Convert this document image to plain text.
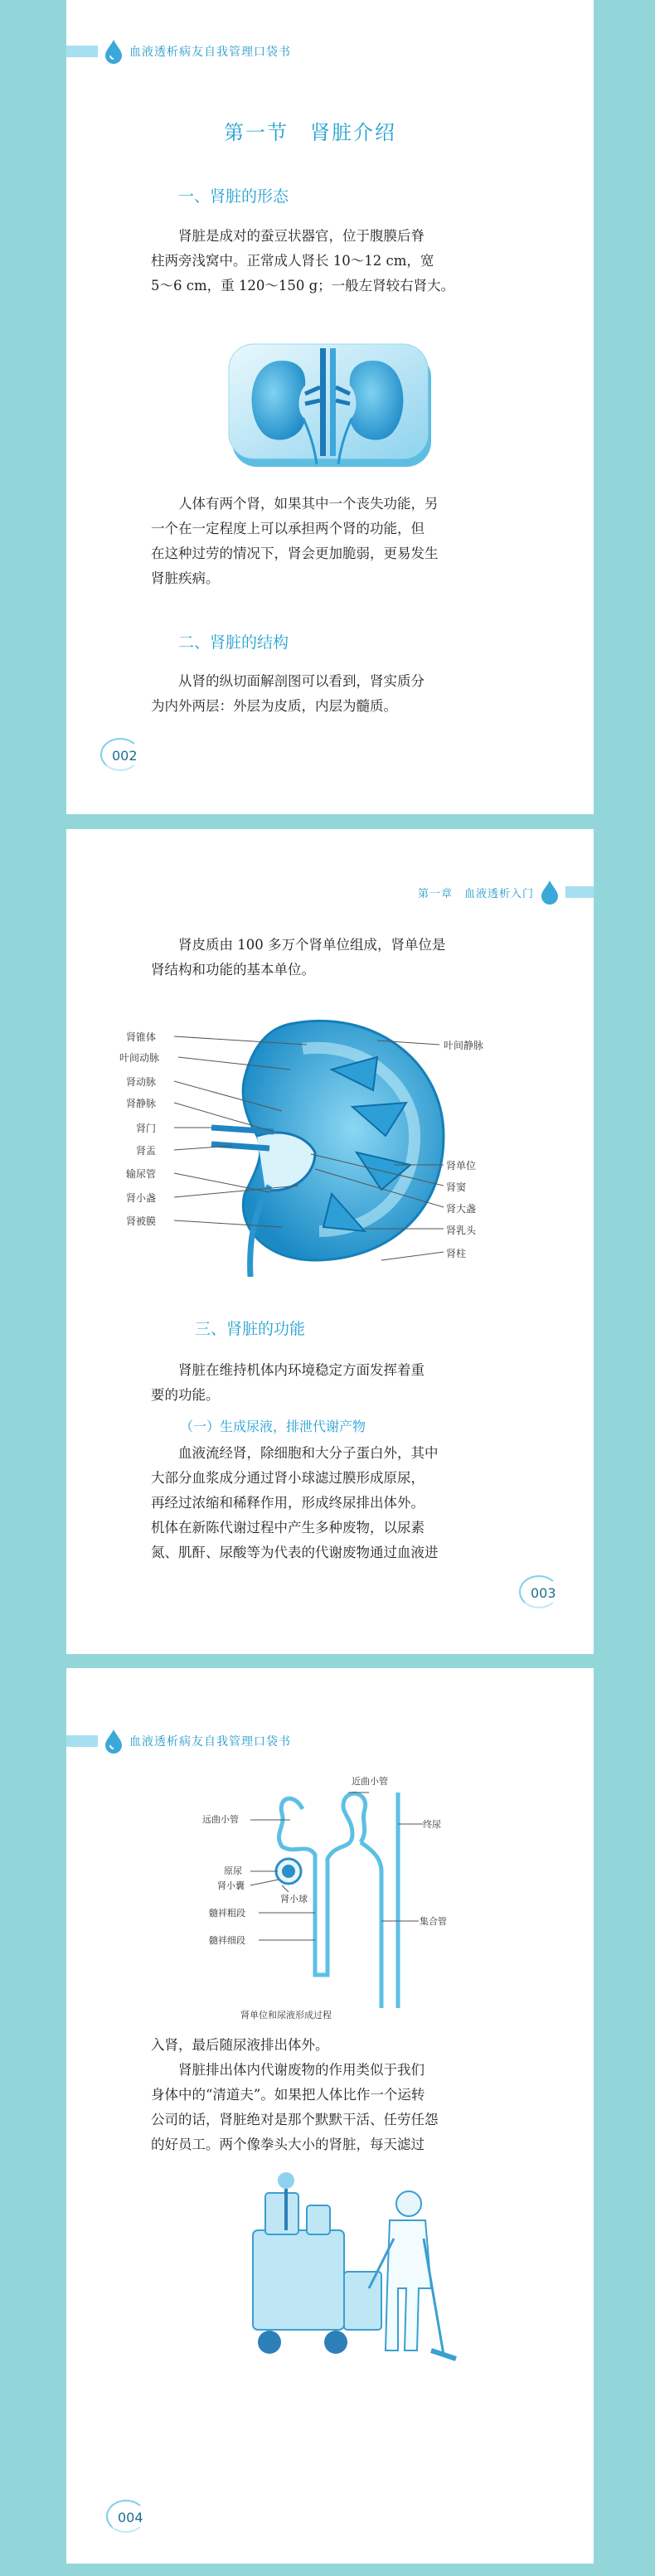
血液透析病友自我管理口袋书
第一节　肾脏介绍
一、肾脏的形态
肾脏是成对的蚕豆状器官，位于腹膜后脊
柱两旁浅窝中。正常成人肾长 10～12 cm，宽
5～6 cm，重 120～150 g；一般左肾较右肾大。
人体有两个肾，如果其中一个丧失功能，另
一个在一定程度上可以承担两个肾的功能，但
在这种过劳的情况下，肾会更加脆弱，更易发生
肾脏疾病。
二、肾脏的结构
从肾的纵切面解剖图可以看到，肾实质分
为内外两层：外层为皮质，内层为髓质。
002
第一章　血液透析入门
肾皮质由 100 多万个肾单位组成，肾单位是
肾结构和功能的基本单位。
肾锥体
叶间动脉
肾动脉
肾静脉
肾门
肾盂
输尿管
肾小盏
肾被膜
叶间静脉
肾单位
肾窦
肾大盏
肾乳头
肾柱
三、肾脏的功能
肾脏在维持机体内环境稳定方面发挥着重
要的功能。
（一）生成尿液，排泄代谢产物
血液流经肾，除细胞和大分子蛋白外，其中
大部分血浆成分通过肾小球滤过膜形成原尿，
再经过浓缩和稀释作用，形成终尿排出体外。
机体在新陈代谢过程中产生多种废物，以尿素
氮、肌酐、尿酸等为代表的代谢废物通过血液进
003
血液透析病友自我管理口袋书
近曲小管
远曲小管	终尿
原尿
肾小囊
肾小球
髓袢粗段
集合管
髓袢细段
肾单位和尿液形成过程
入肾，最后随尿液排出体外。
肾脏排出体内代谢废物的作用类似于我们
身体中的“清道夫”。如果把人体比作一个运转
公司的话，肾脏绝对是那个默默干活、任劳任怨
的好员工。两个像拳头大小的肾脏，每天滤过
004
